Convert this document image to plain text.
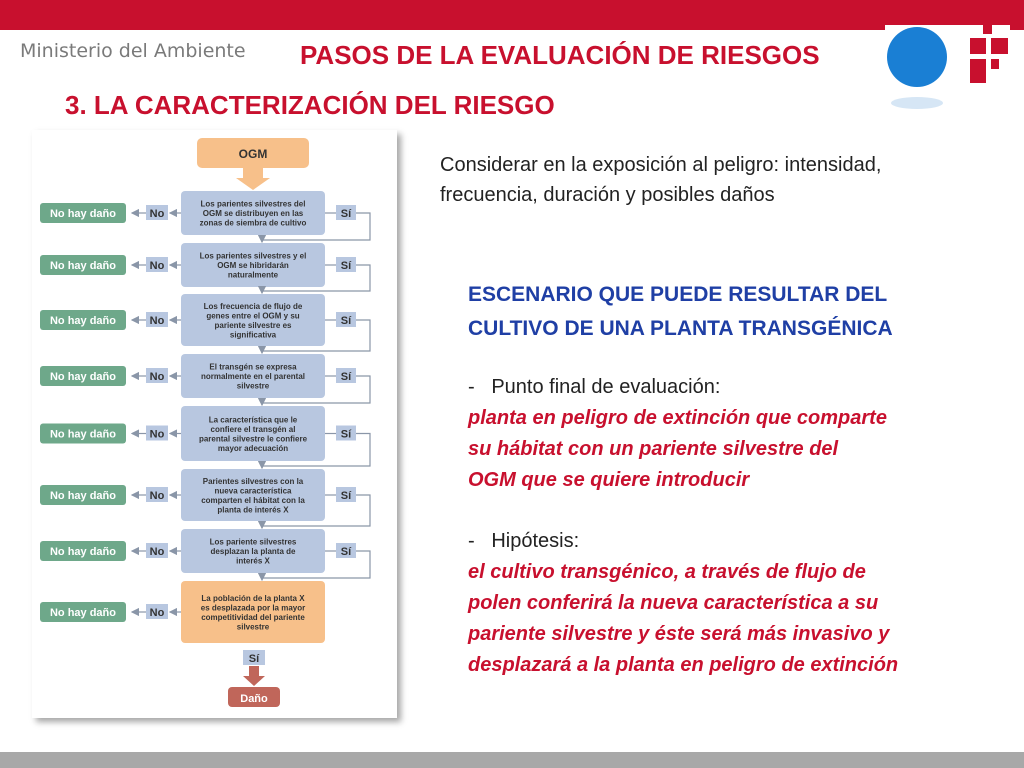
Ministerio del Ambiente PASOS DE LA EVALUACIÓN DE RIESGOS
3. LA CARACTERIZACIÓN DEL RIESGO
OGM
Los parientes silvestres del
OGM se distribuyen en las
zonas de siembra de cultivo
No
No hay daño	Sí
Los parientes silvestres y el
OGM se hibridarán
naturalmente
No
No hay daño	Sí
Los frecuencia de flujo de
genes entre el OGM y su
pariente silvestre es
significativa
No
No hay daño	Sí
El transgén se expresa
normalmente en el parental
silvestre
No
No hay daño	Sí
La característica que le
confiere el transgén al
parental silvestre le confiere
mayor adecuación
No
No hay daño	Sí
Parientes silvestres con la
nueva característica
comparten el hábitat con la
planta de interés X
No
No hay daño	Sí
Los pariente silvestres
desplazan la planta de
interés X
No
No hay daño	Sí
La población de la planta X
es desplazada por la mayor
competitividad del pariente
silvestre
No
No hay daño
Sí
Daño
Considerar en la exposición al peligro: intensidad, frecuencia, duración y posibles daños
ESCENARIO QUE PUEDE RESULTAR DEL
CULTIVO DE UNA PLANTA TRANSGÉNICA
- Punto final de evaluación:
planta en peligro de extinción que comparte
su hábitat con un pariente silvestre del
OGM que se quiere introducir
- Hipótesis:
el cultivo transgénico, a través de flujo de
polen conferirá la nueva característica a su
pariente silvestre y éste será más invasivo y
desplazará a la planta en peligro de extinción
